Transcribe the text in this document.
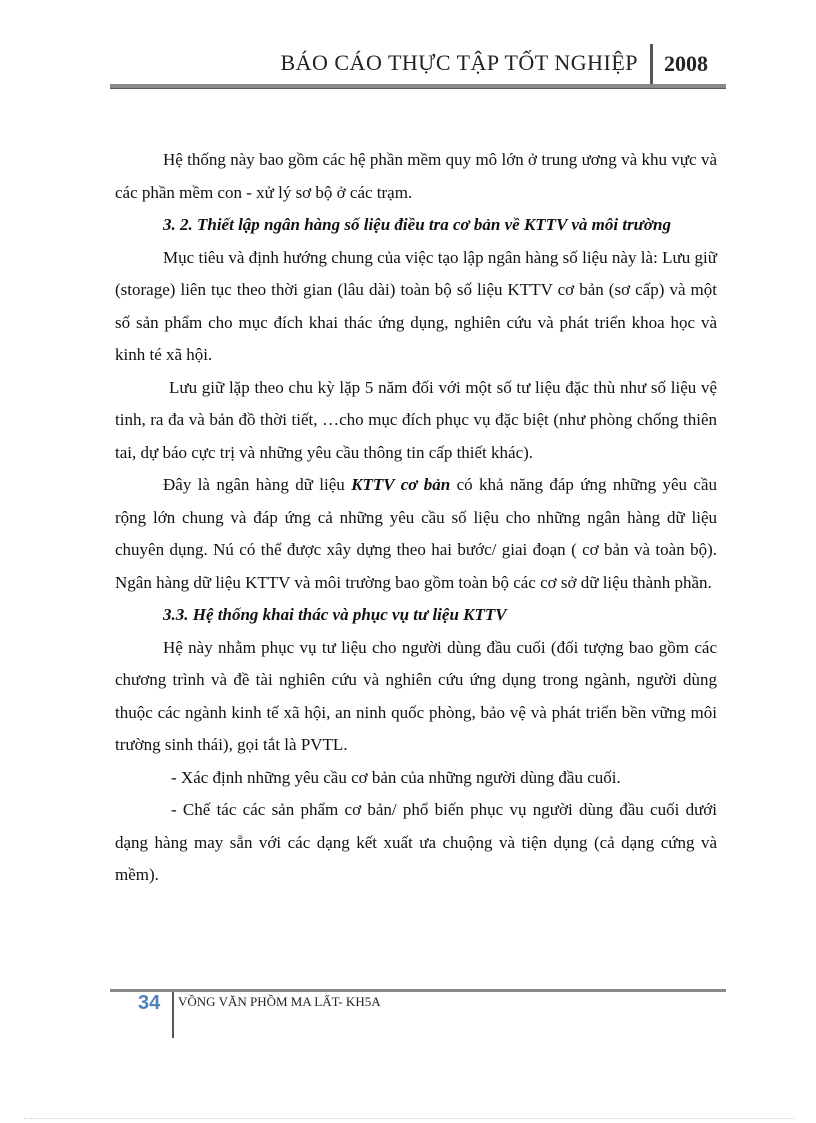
BÁO CÁO THỰC TẬP TỐT NGHIỆP 2008

Hệ thống này bao gồm các hệ phần mềm quy mô lớn ở trung ương và khu vực và các phần mềm con - xử lý sơ bộ ở các trạm.

3. 2. Thiết lập ngân hàng số liệu điều tra cơ bản về KTTV và môi trường

Mục tiêu và định hướng chung của việc tạo lập ngân hàng số liệu này là: Lưu giữ (storage) liên tục theo thời gian (lâu dài) toàn bộ số liệu KTTV cơ bản (sơ cấp) và một số sản phẩm cho mục đích khai thác ứng dụng, nghiên cứu và phát triển khoa học và kinh té xã hội.

Lưu giữ lặp theo chu kỳ lặp 5 năm đối với một số tư liệu đặc thù như số liệu vệ tinh, ra đa và bản đồ thời tiết, …cho mục đích phục vụ đặc biệt (như phòng chống thiên tai, dự báo cực trị và những yêu cầu thông tin cấp thiết khác).

Đây là ngân hàng dữ liệu KTTV cơ bản có khả năng đáp ứng những yêu cầu rộng lớn chung và đáp ứng cả những yêu cầu số liệu cho những ngân hàng dữ liệu chuyên dụng. Nú có thể được xây dựng theo hai bước/ giai đoạn ( cơ bản và toàn bộ). Ngân hàng dữ liệu KTTV và môi trường bao gồm toàn bộ các cơ sở dữ liệu thành phần.

3.3. Hệ thống khai thác và phục vụ tư liệu KTTV

Hệ này nhằm phục vụ tư liệu cho người dùng đầu cuối (đối tượng bao gồm các chương trình và đề tài nghiên cứu và nghiên cứu ứng dụng trong ngành, người dùng thuộc các ngành kinh tế xã hội, an ninh quốc phòng, bảo vệ và phát triển bền vững môi trường sinh thái), gọi tắt là PVTL.

- Xác định những yêu cầu cơ bản của những người dùng đầu cuối.

- Chế tác các sản phẩm cơ bản/ phổ biến phục vụ người dùng đầu cuối dưới dạng hàng may sẵn với các dạng kết xuất ưa chuộng và tiện dụng (cả dạng cứng và mềm).

34 VỒNG VĂN PHỒM MA LẤT- KH5A
